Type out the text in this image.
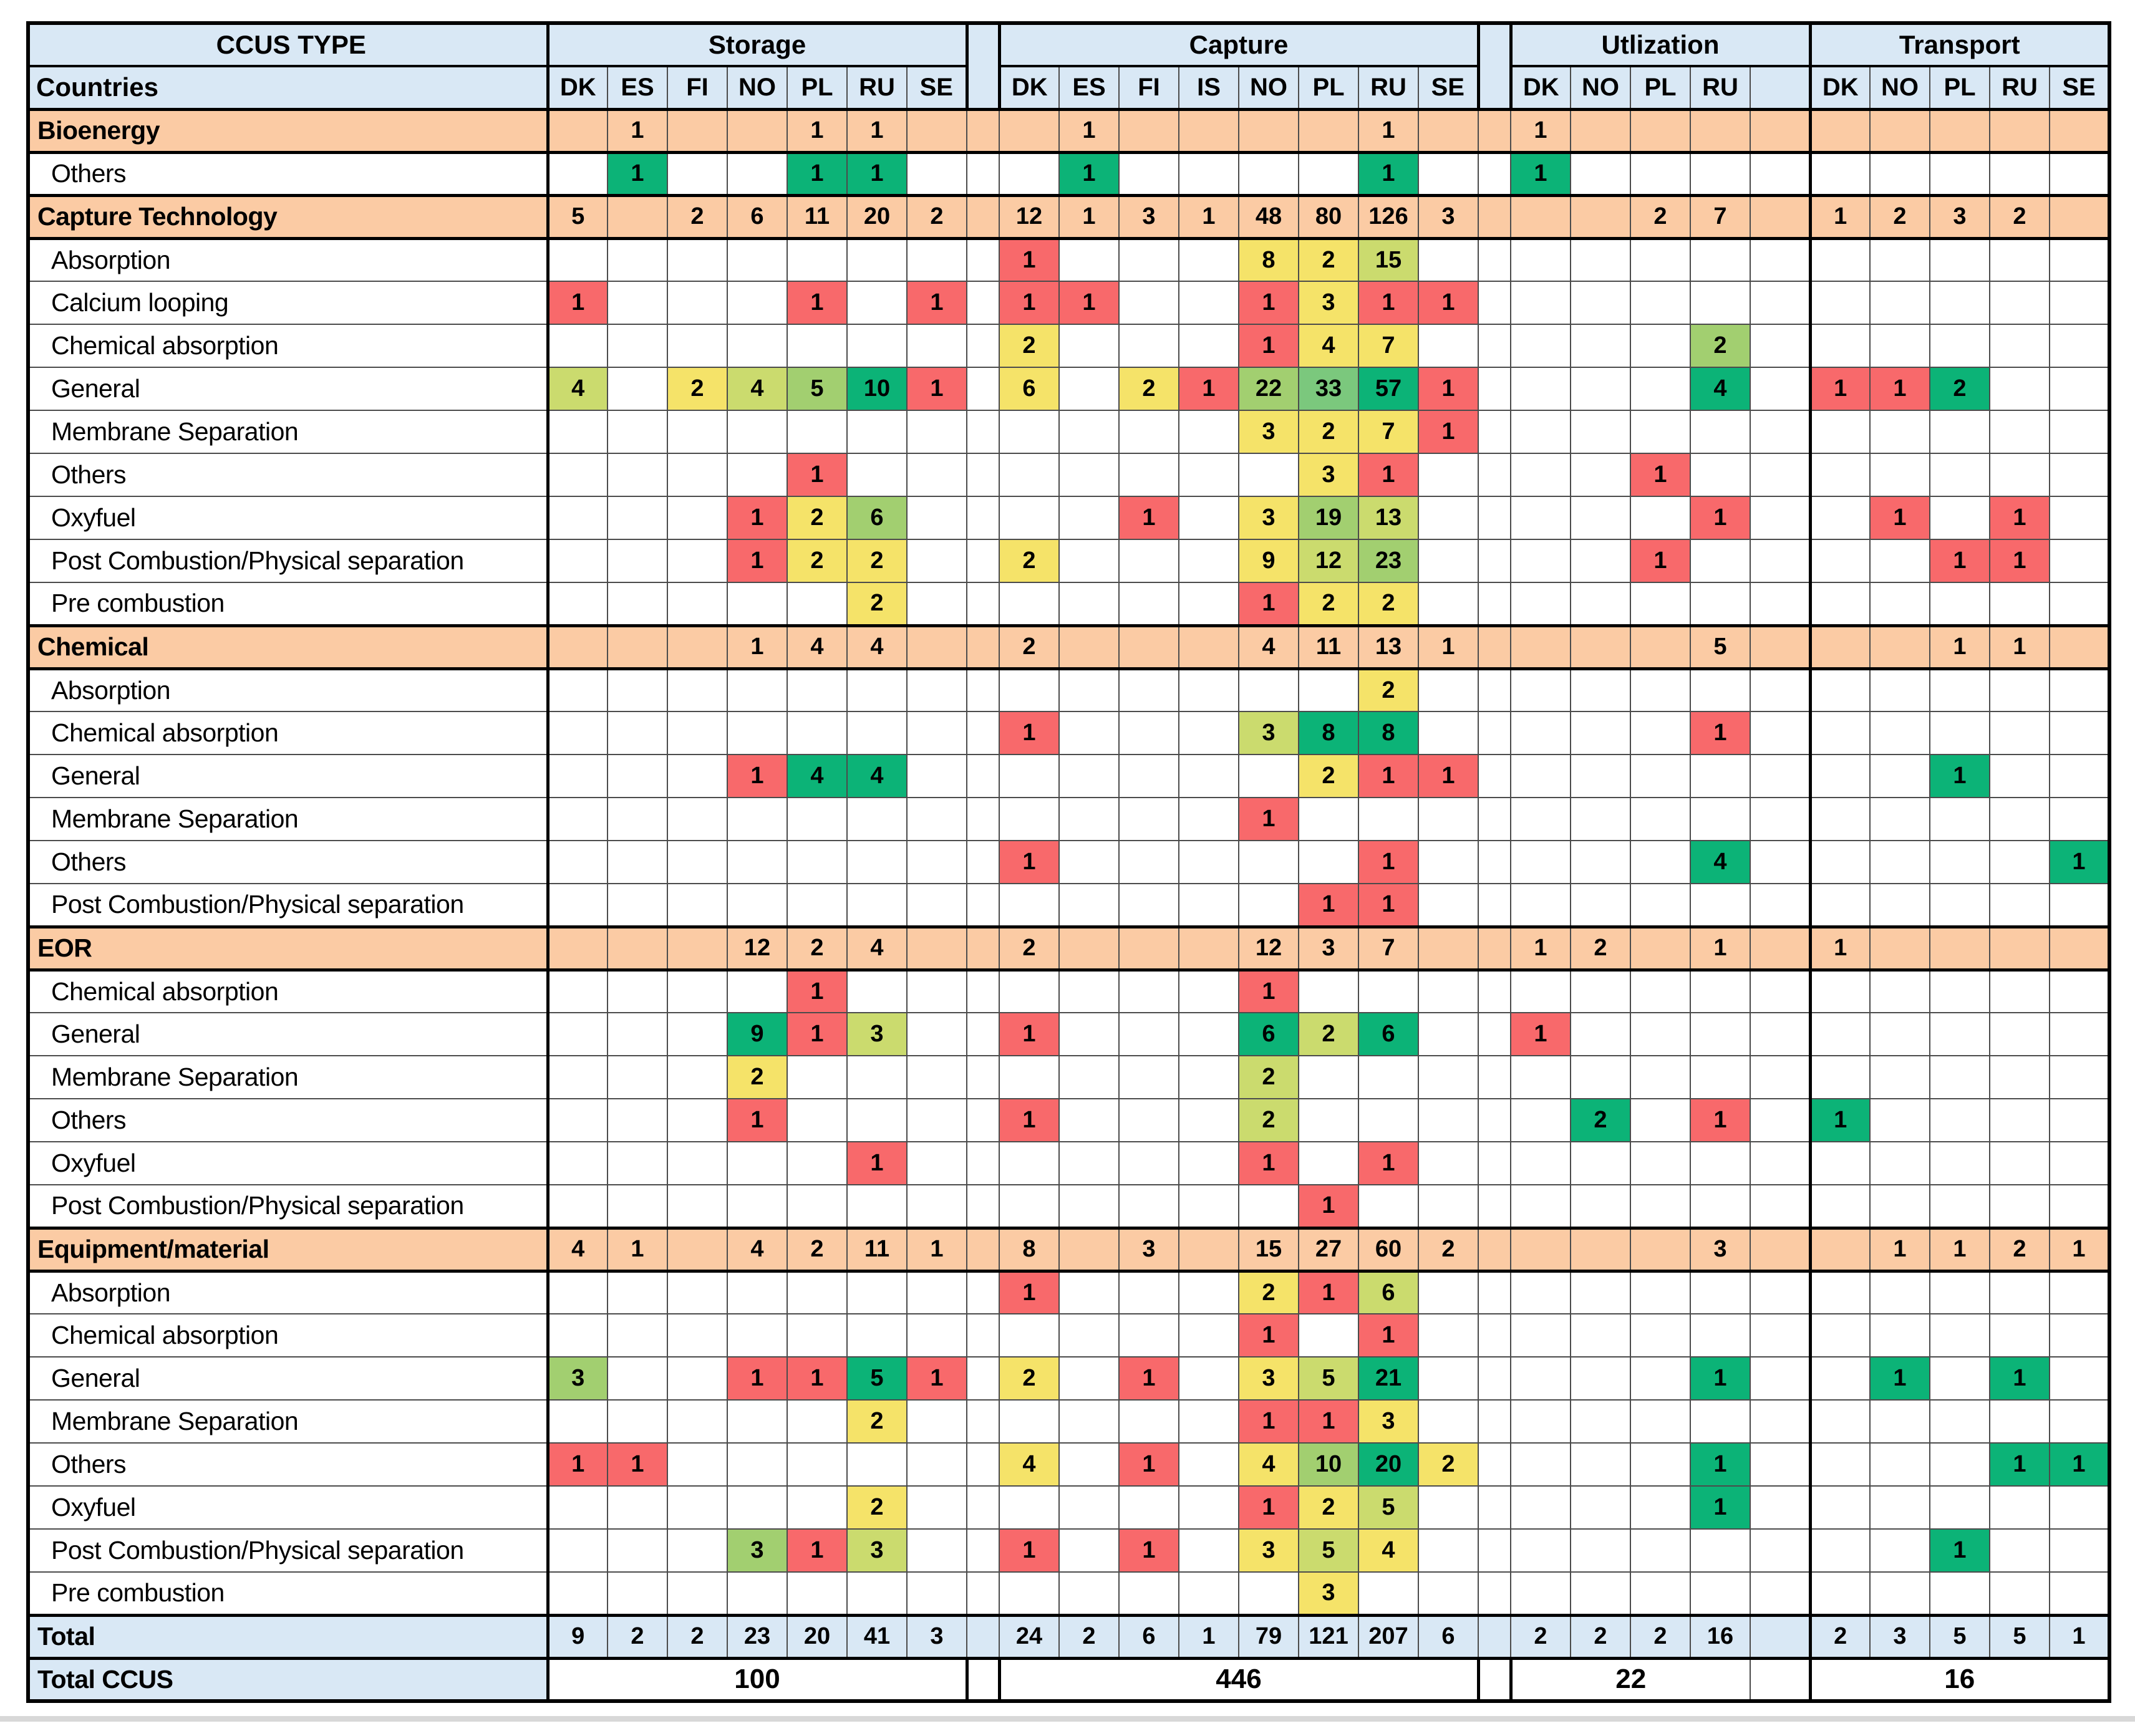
CCUS TYPE	Storage								Capture									Utlization					Transport				
Countries	DK	ES	FI	NO	PL	RU	SE		DK	ES	FI	IS	NO	PL	RU	SE		DK	NO	PL	RU		DK	NO	PL	RU	SE
Bioenergy		1			1	1				1					1			1									
Others		1			1	1				1					1			1									
Capture Technology	5		2	6	11	20	2		12	1	3	1	48	80	126	3				2	7		1	2	3	2	
Absorption									1				8	2	15												
Calcium looping	1				1		1		1	1			1	3	1	1											
Chemical absorption									2				1	4	7						2						
General	4		2	4	5	10	1		6		2	1	22	33	57	1					4		1	1	2		
Membrane Separation													3	2	7	1											
Others					1									3	1					1							
Oxyfuel				1	2	6					1		3	19	13						1			1		1	
Post Combustion/Physical separation				1	2	2			2				9	12	23					1					1	1	
Pre combustion						2							1	2	2												
Chemical				1	4	4			2				4	11	13	1					5				1	1	
Absorption															2												
Chemical absorption									1				3	8	8						1						
General				1	4	4								2	1	1									1		
Membrane Separation													1														
Others									1						1						4						1
Post Combustion/Physical separation														1	1												
EOR				12	2	4			2				12	3	7			1	2		1		1				
Chemical absorption					1								1														
General				9	1	3			1				6	2	6			1									
Membrane Separation				2									2														
Others				1					1				2						2		1		1				
Oxyfuel						1							1		1												
Post Combustion/Physical separation														1													
Equipment/material	4	1		4	2	11	1		8		3		15	27	60	2					3			1	1	2	1
Absorption									1				2	1	6												
Chemical absorption													1		1												
General	3			1	1	5	1		2		1		3	5	21						1			1		1	
Membrane Separation						2							1	1	3												
Others	1	1							4		1		4	10	20	2					1					1	1
Oxyfuel						2							1	2	5						1						
Post Combustion/Physical separation				3	1	3			1		1		3	5	4										1		
Pre combustion														3													
Total	9	2	2	23	20	41	3		24	2	6	1	79	121	207	6		2	2	2	16		2	3	5	5	1
Total CCUS	100								446									22					16				
